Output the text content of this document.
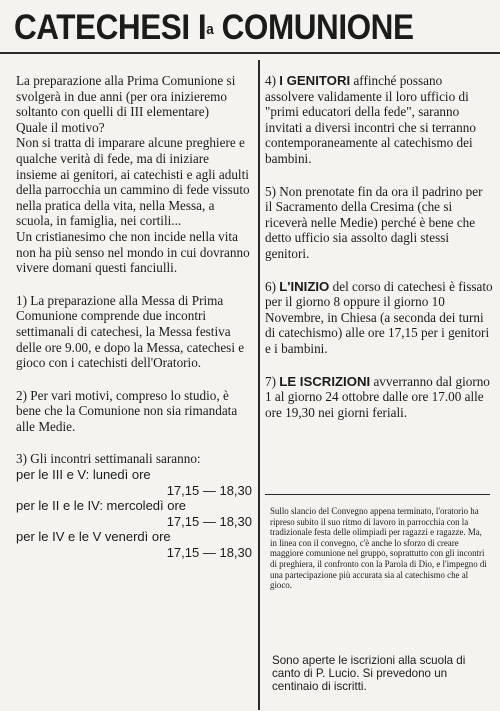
CATECHESI $I^a$ COMUNIONE

La preparazione alla Prima Comunione si svolgerà in due anni (per ora inizieremo soltanto con quelli di III elementare)

Quale il motivo?

Non si tratta di imparare alcune preghiere e qualche verità di fede, ma di iniziare insieme ai genitori, ai catechisti e agli adulti della parrocchia un cammino di fede vissuto nella pratica della vita, nella Messa, a scuola, in famiglia, nei cortili...

Un cristianesimo che non incide nella vita non ha più senso nel mondo in cui dovranno vivere domani questi fanciulli.

1) La preparazione alla Messa di Prima Comunione comprende due incontri settimanali di catechesi, la Messa festiva delle ore 9.00, e dopo la Messa, catechesi e gioco con i catechisti dell'Oratorio.

2) Per vari motivi, compreso lo studio, è bene che la Comunione non sia rimandata alle Medie.

3) Gli incontri settimanali saranno:

per le III e V: lunedì ore
17,15 — 18,30
per le II e le IV: mercoledì ore
17,15 — 18,30
per le IV e le V venerdì ore
17,15 — 18,30

4) I GENITORI affinché possano assolvere validamente il loro ufficio di "primi educatori della fede", saranno invitati a diversi incontri che si terranno contemporaneamente al catechismo dei bambini.

5) Non prenotate fin da ora il padrino per il Sacramento della Cresima (che si riceverà nelle Medie) perché è bene che detto ufficio sia assolto dagli stessi genitori.

6) L'INIZIO del corso di catechesi è fissato per il giorno 8 oppure il giorno 10 Novembre, in Chiesa (a seconda dei turni di catechismo) alle ore 17,15 per i genitori e i bambini.

7) LE ISCRIZIONI avverranno dal giorno 1 al giorno 24 ottobre dalle ore 17.00 alle ore 19,30 nei giorni feriali.

Sullo slancio del Convegno appena terminato, l'oratorio ha ripreso subito il suo ritmo di lavoro in parrocchia con la tradizionale festa delle olimpiadi per ragazzi e ragazze. Ma, in linea con il convegno, c'è anche lo sforzo di creare maggiore comunione nel gruppo, soprattutto con gli incontri di preghiera, il confronto con la Parola di Dio, e l'impegno di una partecipazione più accurata sia al catechismo che al gioco.
Sono aperte le iscrizioni alla scuola di canto di P. Lucio. Si prevedono un centinaio di iscritti.
